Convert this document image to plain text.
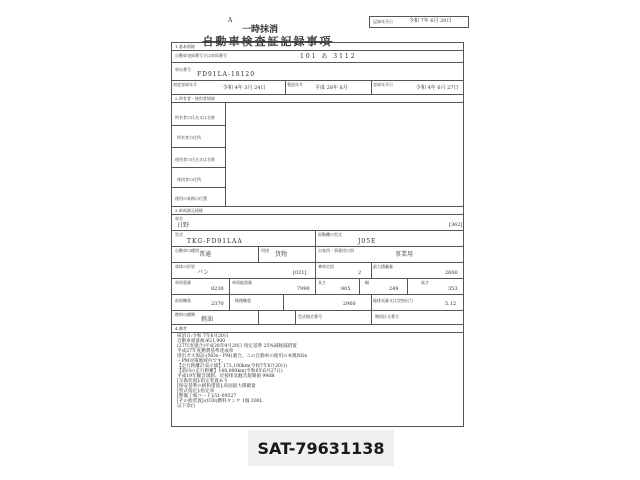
A	記録年月日	令和 7年 6月 20日
1.基本情報
自動車登録番号又は車両番号	101 あ 3112
車台番号
FD91LA-18120
初度登録年月
令和 4年 3月 24日
製造年月
平成 28年 6月
登録年月日
令和 4年 6月 27日
2.所有者・使用者情報
所有者の氏名又は名称
所有者の住所
使用者の氏名又は名称
使用者の住所
使用の本拠の位置
3.車両諸元情報
車名
日野	[362]
型式
TKG-FD91LAA
原動機の型式
J05E
自動車の種別
普通
用途
貨物
自家用・事業用の別
事業用
車体の形状
バン	[021]
乗車定員
2
最大積載量
2600
車両重量
8230
車両総重量
7990
長さ
805
幅
249
高さ
353
前前軸重
2370
後後軸重
2960
総排気量又は定格出力
5.12
燃料の種類
軽油	型式指定番号	類別区分番号
4.備考
抹消日:令和 7年6月20日
自動車重量税:¥21,900
(27年度適合)平成28年9月29日 指定基準 25%減軽減措置
平成27年度燃費基準達成車
排出ガス保証:(NOx・PM)適合。この自動車の使用の本拠NOx
・PM対策地域内です。
【走行距離計表示値】173,100km(令和7年6月20日)
【前回の走行距離】148,000km(令和6年6月27日)
平成19年騒音規制、近接排気騒音規制値 99dB
[交換装置]:指定装置あり
[保安基準の緩和措置]:床面最大積載量
[型式指定]:指定車
[整備工場コード]:51-09527
[その他装置]:(030)燃料タンク 1個 200L
以下余白
一時抹消
自動車検査証記録事項
SAT-79631138
